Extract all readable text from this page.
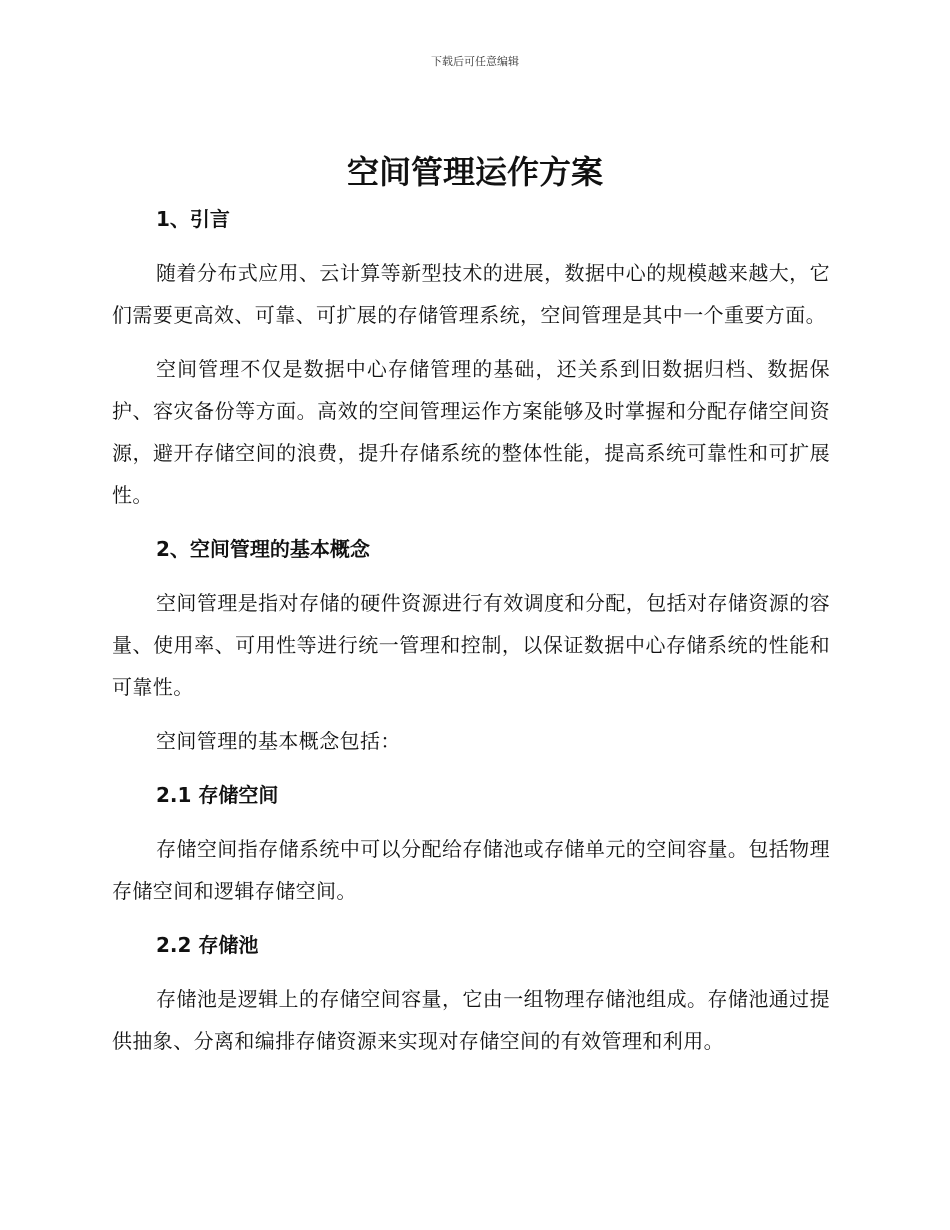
下载后可任意编辑
空间管理运作方案
1、引言

随着分布式应用、云计算等新型技术的进展，数据中心的规模越来越大，它们需要更高效、可靠、可扩展的存储管理系统，空间管理是其中一个重要方面。

空间管理不仅是数据中心存储管理的基础，还关系到旧数据归档、数据保护、容灾备份等方面。高效的空间管理运作方案能够及时掌握和分配存储空间资源，避开存储空间的浪费，提升存储系统的整体性能，提高系统可靠性和可扩展性。

2、空间管理的基本概念

空间管理是指对存储的硬件资源进行有效调度和分配，包括对存储资源的容量、使用率、可用性等进行统一管理和控制，以保证数据中心存储系统的性能和可靠性。

空间管理的基本概念包括：

2.1 存储空间

存储空间指存储系统中可以分配给存储池或存储单元的空间容量。包括物理存储空间和逻辑存储空间。

2.2 存储池

存储池是逻辑上的存储空间容量，它由一组物理存储池组成。存储池通过提供抽象、分离和编排存储资源来实现对存储空间的有效管理和利用。
